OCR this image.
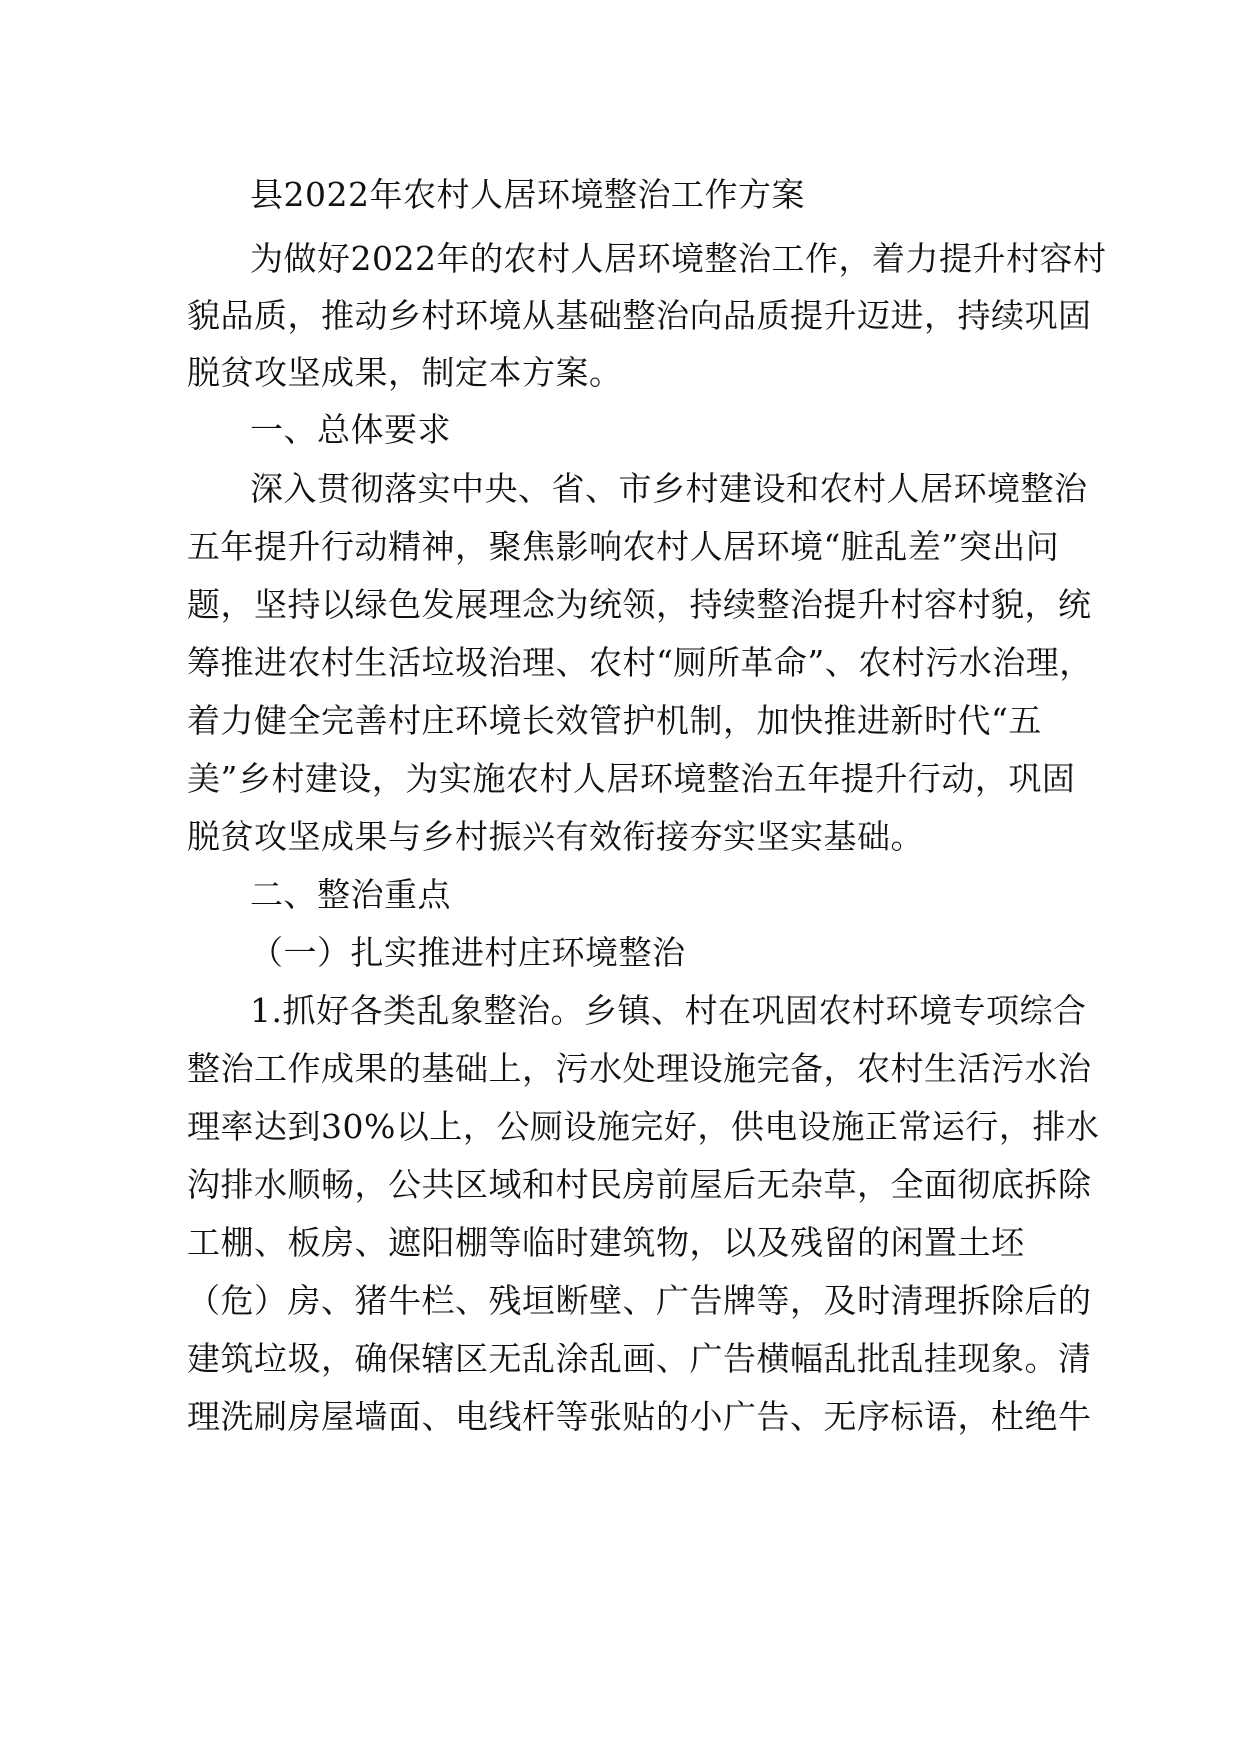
县2022年农村人居环境整治工作方案
为做好2022年的农村人居环境整治工作，着力提升村容村
貌品质，推动乡村环境从基础整治向品质提升迈进，持续巩固
脱贫攻坚成果，制定本方案。
一、总体要求
深入贯彻落实中央、省、市乡村建设和农村人居环境整治
五年提升行动精神，聚焦影响农村人居环境“脏乱差”突出问
题，坚持以绿色发展理念为统领，持续整治提升村容村貌，统
筹推进农村生活垃圾治理、农村“厕所革命”、农村污水治理，
着力健全完善村庄环境长效管护机制，加快推进新时代“五
美”乡村建设，为实施农村人居环境整治五年提升行动，巩固
脱贫攻坚成果与乡村振兴有效衔接夯实坚实基础。
二、整治重点
（一）扎实推进村庄环境整治
1.抓好各类乱象整治。乡镇、村在巩固农村环境专项综合
整治工作成果的基础上，污水处理设施完备，农村生活污水治
理率达到30%以上，公厕设施完好，供电设施正常运行，排水
沟排水顺畅，公共区域和村民房前屋后无杂草，全面彻底拆除
工棚、板房、遮阳棚等临时建筑物，以及残留的闲置土坯
（危）房、猪牛栏、残垣断壁、广告牌等，及时清理拆除后的
建筑垃圾，确保辖区无乱涂乱画、广告横幅乱批乱挂现象。清
理洗刷房屋墙面、电线杆等张贴的小广告、无序标语，杜绝牛
